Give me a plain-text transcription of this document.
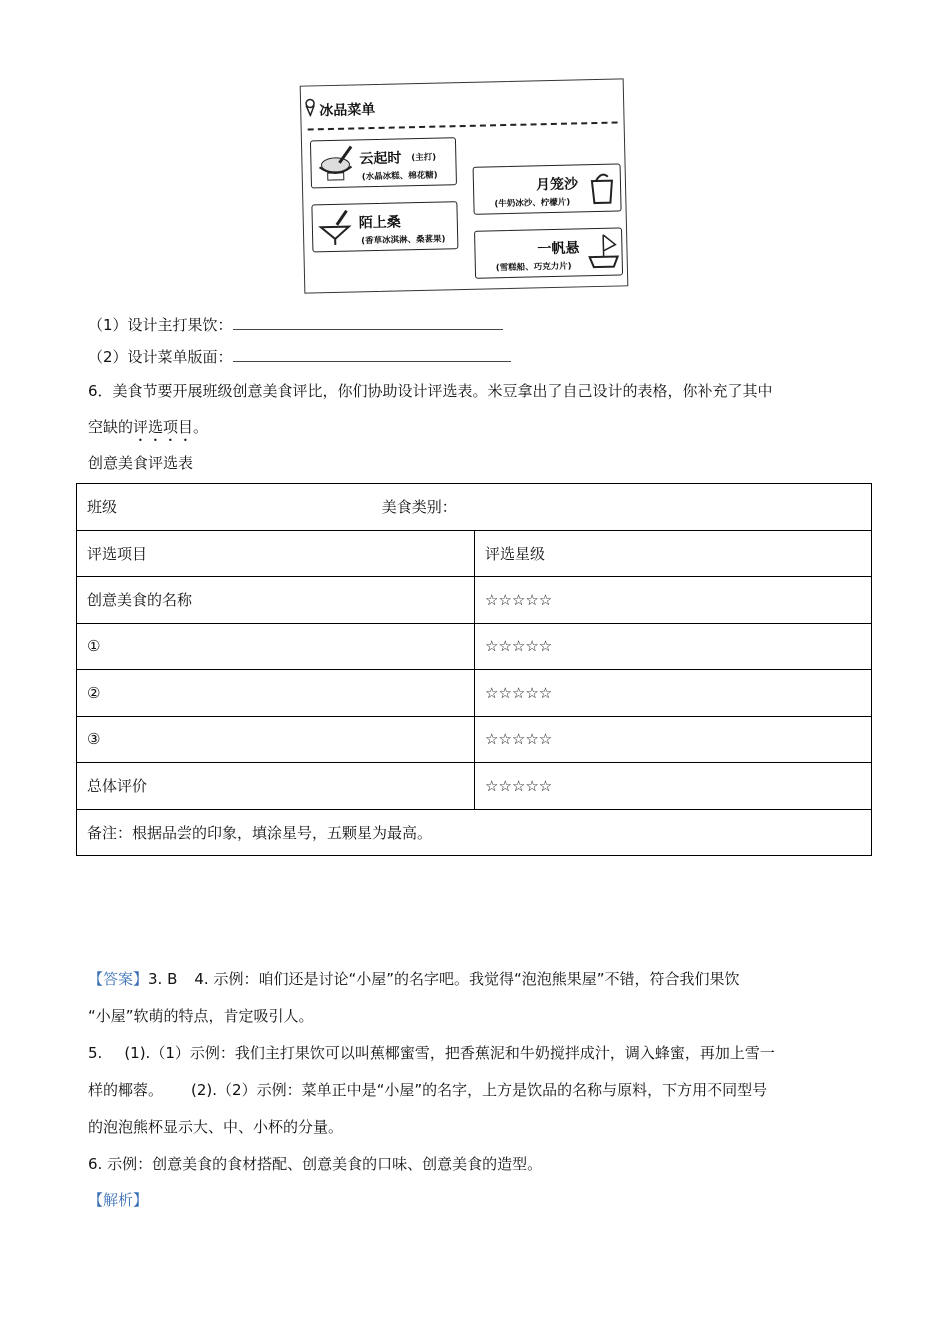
冰品菜单
云起时 (主打)
(水晶冰糕、棉花糖)	月笼沙
(牛奶冰沙、柠檬片)
陌上桑
(香草冰淇淋、桑葚果)
一帆悬
(雪糕船、巧克力片)
（1）设计主打果饮：
（2）设计菜单版面：
6．美食节要开展班级创意美食评比，你们协助设计评选表。米豆拿出了自己设计的表格，你补充了其中
空缺的评选项目。
创意美食评选表
班级 美食类别：	
评选项目	评选星级
创意美食的名称	☆☆☆☆☆
①	☆☆☆☆☆
②	☆☆☆☆☆
③	☆☆☆☆☆
总体评价	☆☆☆☆☆
备注：根据品尝的印象，填涂星号，五颗星为最高。	
【答案】3. B 4. 示例：咱们还是讨论“小屋”的名字吧。我觉得“泡泡熊果屋”不错，符合我们果饮
“小屋”软萌的特点，肯定吸引人。
5. (1).（1）示例：我们主打果饮可以叫蕉椰蜜雪，把香蕉泥和牛奶搅拌成汁，调入蜂蜜，再加上雪一
样的椰蓉。 (2).（2）示例：菜单正中是“小屋”的名字，上方是饮品的名称与原料，下方用不同型号
的泡泡熊杯显示大、中、小杯的分量。
6. 示例：创意美食的食材搭配、创意美食的口味、创意美食的造型。
【解析】
